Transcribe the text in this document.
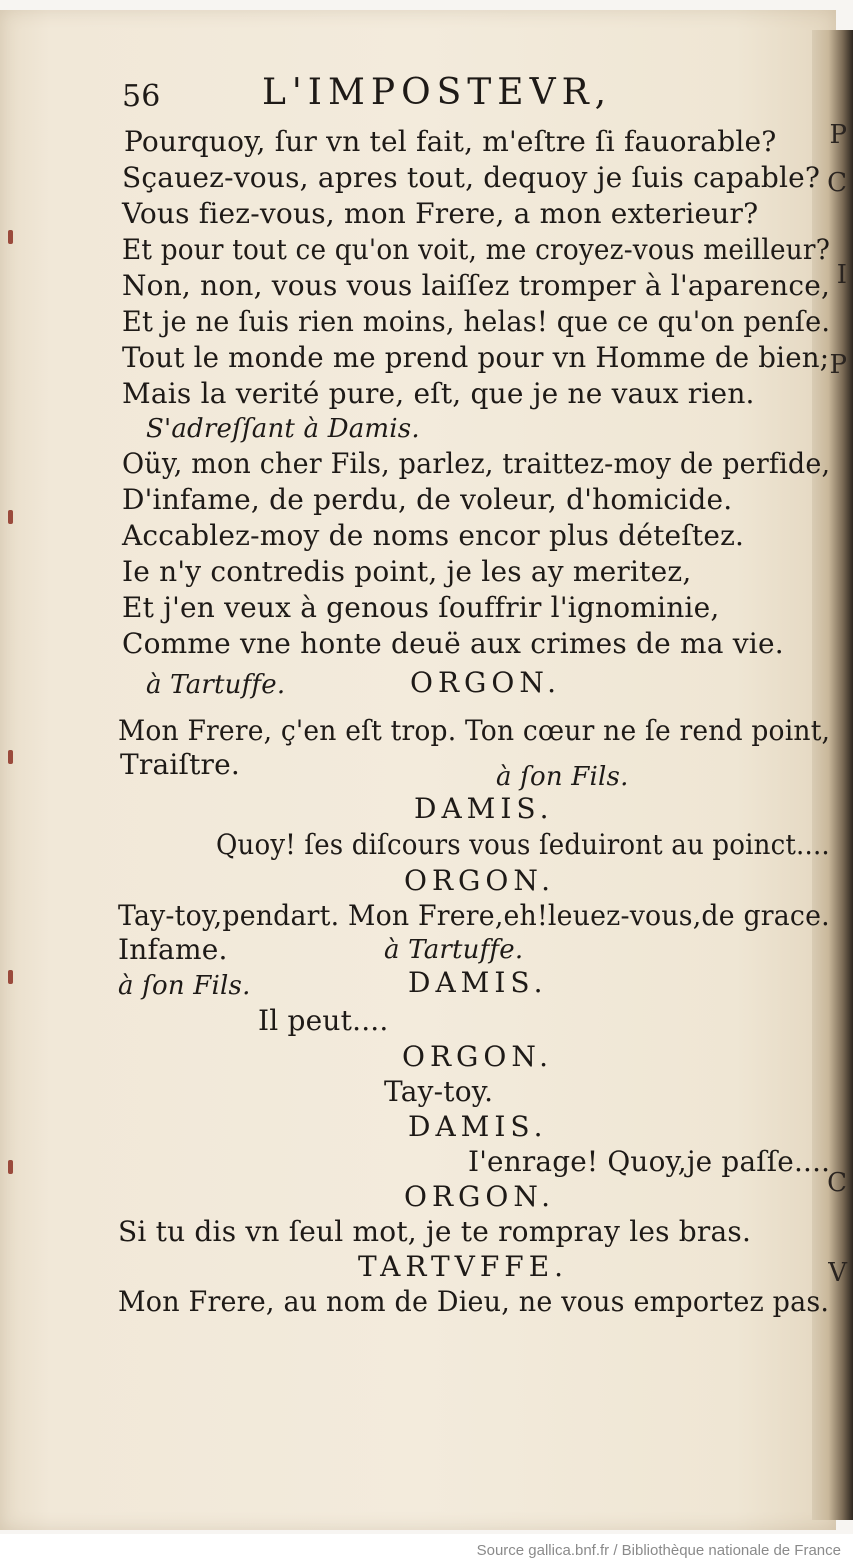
P
C
I
P
C
V
56	L'IMPOSTEVR,
Pourquoy, ſur vn tel fait, m'eſtre ſi fauorable?
Sçauez-vous, apres tout, dequoy je ſuis capable?
Vous fiez-vous, mon Frere, a mon exterieur?
Et pour tout ce qu'on voit, me croyez-vous meilleur?
Non, non, vous vous laiſſez tromper à l'aparence,
Et je ne ſuis rien moins, helas! que ce qu'on penſe.
Tout le monde me prend pour vn Homme de bien;
Mais la verité pure, eſt, que je ne vaux rien.
S'adreſſant à Damis.
Oüy, mon cher Fils, parlez, traittez-moy de perfide,
D'infame, de perdu, de voleur, d'homicide.
Accablez-moy de noms encor plus déteſtez.
Ie n'y contredis point, je les ay meritez,
Et j'en veux à genous ſouffrir l'ignominie,
Comme vne honte deuë aux crimes de ma vie.
à Tartuffe.	ORGON.
Mon Frere, ç'en eſt trop. Ton cœur ne ſe rend point,
Traiſtre.	à ſon Fils.
DAMIS.
Quoy! ſes diſcours vous ſeduiront au poinct....
ORGON.
Tay-toy,pendart. Mon Frere,eh!leuez-vous,de grace.
Infame.	à Tartuffe.
à ſon Fils.	DAMIS.
Il peut....
ORGON.
Tay-toy.
DAMIS.
I'enrage! Quoy,je paſſe....
ORGON.
Si tu dis vn ſeul mot, je te rompray les bras.
TARTVFFE.
Mon Frere, au nom de Dieu, ne vous emportez pas.
Source gallica.bnf.fr / Bibliothèque nationale de France
